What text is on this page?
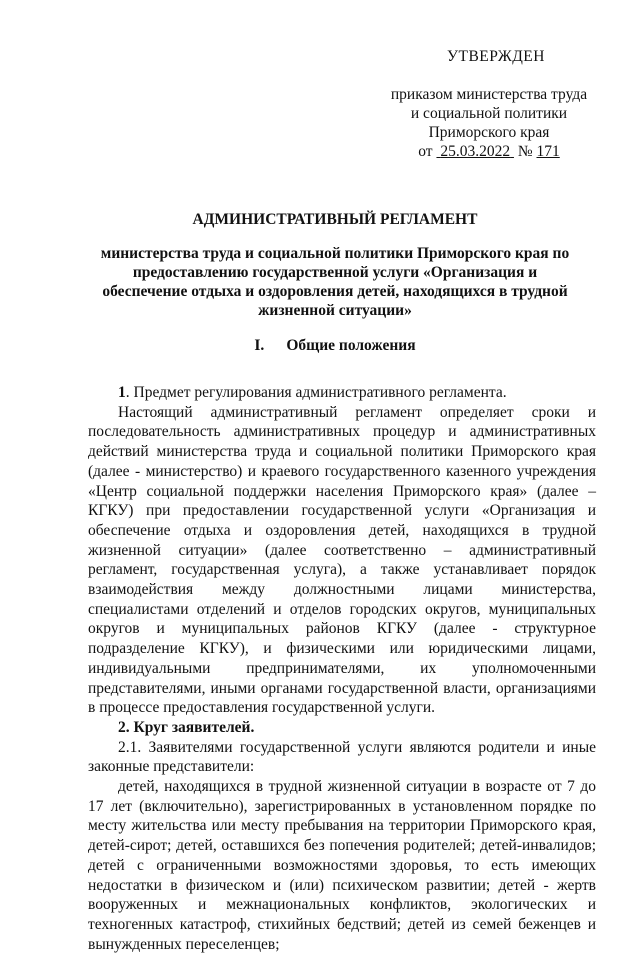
УТВЕРЖДЕН
приказом министерства труда
и социальной политики
Приморского края
от 25.03.2022 № 171
АДМИНИСТРАТИВНЫЙ РЕГЛАМЕНТ
министерства труда и социальной политики Приморского края по предоставлению государственной услуги «Организация и обеспечение отдыха и оздоровления детей, находящихся в трудной жизненной ситуации»
I. Общие положения

1. Предмет регулирования административного регламента.

Настоящий административный регламент определяет сроки и последовательность административных процедур и административных действий министерства труда и социальной политики Приморского края (далее - министерство) и краевого государственного казенного учреждения «Центр социальной поддержки населения Приморского края» (далее – КГКУ) при предоставлении государственной услуги «Организация и обеспечение отдыха и оздоровления детей, находящихся в трудной жизненной ситуации» (далее соответственно – административный регламент, государственная услуга), а также устанавливает порядок взаимодействия между должностными лицами министерства, специалистами отделений и отделов городских округов, муниципальных округов и муниципальных районов КГКУ (далее - структурное подразделение КГКУ), и физическими или юридическими лицами, индивидуальными предпринимателями, их уполномоченными представителями, иными органами государственной власти, организациями в процессе предоставления государственной услуги.

2. Круг заявителей.

2.1. Заявителями государственной услуги являются родители и иные законные представители:

детей, находящихся в трудной жизненной ситуации в возрасте от 7 до 17 лет (включительно), зарегистрированных в установленном порядке по месту жительства или месту пребывания на территории Приморского края, детей-сирот; детей, оставшихся без попечения родителей; детей-инвалидов; детей с ограниченными возможностями здоровья, то есть имеющих недостатки в физическом и (или) психическом развитии; детей - жертв вооруженных и межнациональных конфликтов, экологических и техногенных катастроф, стихийных бедствий; детей из семей беженцев и вынужденных переселенцев;
